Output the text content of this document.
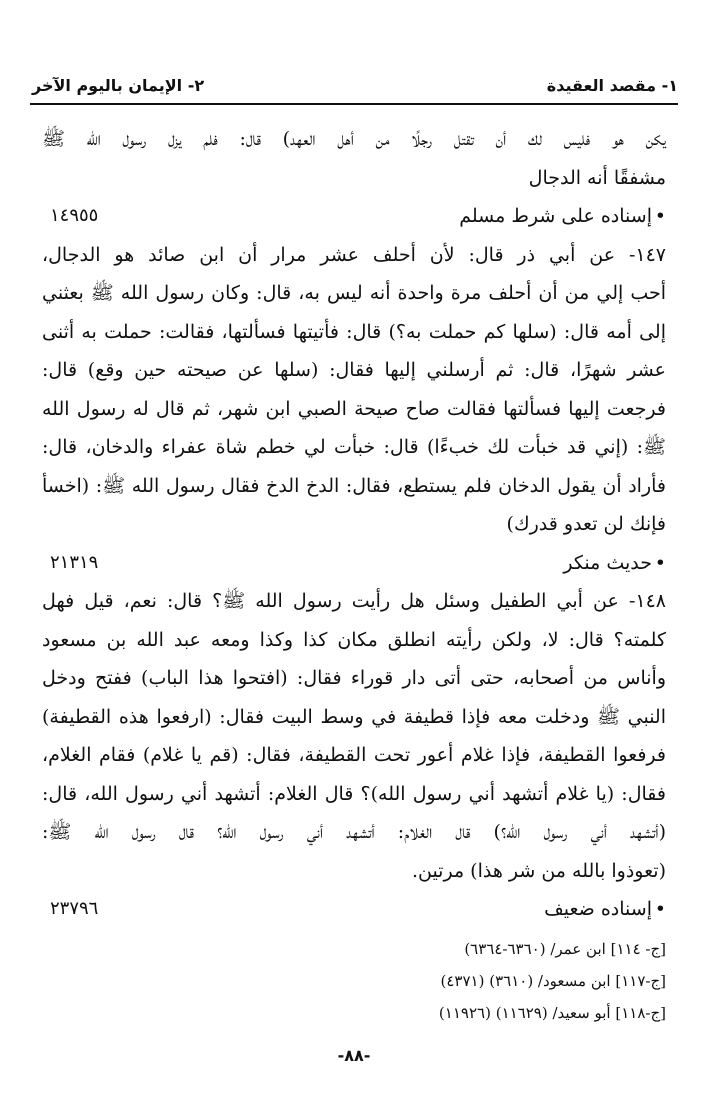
١- مقصد العقيدة
٢- الإيمان باليوم الآخر
يكن هو فليس لك أن تقتل رجلًا من أهل العهد) قال: فلم يزل رسول الله ﷺ
مشفقًا أنه الدجال
• إسناده على شرط مسلم
١٤٩٥٥
١٤٧- عن أبي ذر قال: لأن أحلف عشر مرار أن ابن صائد هو الدجال،
أحب إلي من أن أحلف مرة واحدة أنه ليس به، قال: وكان رسول الله ﷺ بعثني
إلى أمه قال: (سلها كم حملت به؟) قال: فأتيتها فسألتها، فقالت: حملت به أثنى
عشر شهرًا، قال: ثم أرسلني إليها فقال: (سلها عن صيحته حين وقع) قال:
فرجعت إليها فسألتها فقالت صاح صيحة الصبي ابن شهر، ثم قال له رسول الله
ﷺ: (إني قد خبأت لك خبءًا) قال: خبأت لي خطم شاة عفراء والدخان، قال:
فأراد أن يقول الدخان فلم يستطع، فقال: الدخ الدخ فقال رسول الله ﷺ: (اخسأ
فإنك لن تعدو قدرك)
• حديث منكر
٢١٣١٩
١٤٨- عن أبي الطفيل وسئل هل رأيت رسول الله ﷺ؟ قال: نعم، قيل فهل
كلمته؟ قال: لا، ولكن رأيته انطلق مكان كذا وكذا ومعه عبد الله بن مسعود
وأناس من أصحابه، حتى أتى دار قوراء فقال: (افتحوا هذا الباب) ففتح ودخل
النبي ﷺ ودخلت معه فإذا قطيفة في وسط البيت فقال: (ارفعوا هذه القطيفة)
فرفعوا القطيفة، فإذا غلام أعور تحت القطيفة، فقال: (قم يا غلام) فقام الغلام،
فقال: (يا غلام أتشهد أني رسول الله)؟ قال الغلام: أتشهد أني رسول الله، قال:
(أتشهد أني رسول الله؟) قال الغلام: أتشهد أني رسول الله؟ قال رسول الله ﷺ:
(تعوذوا بالله من شر هذا) مرتين.
• إسناده ضعيف
٢٣٧٩٦
[ج- ١١٤] ابن عمر/ (٦٣٦٠-٦٣٦٤)
[ج-١١٧] ابن مسعود/ (٣٦١٠) (٤٣٧١)
[ج-١١٨] أبو سعيد/ (١١٦٢٩) (١١٩٢٦)
-٨٨-
